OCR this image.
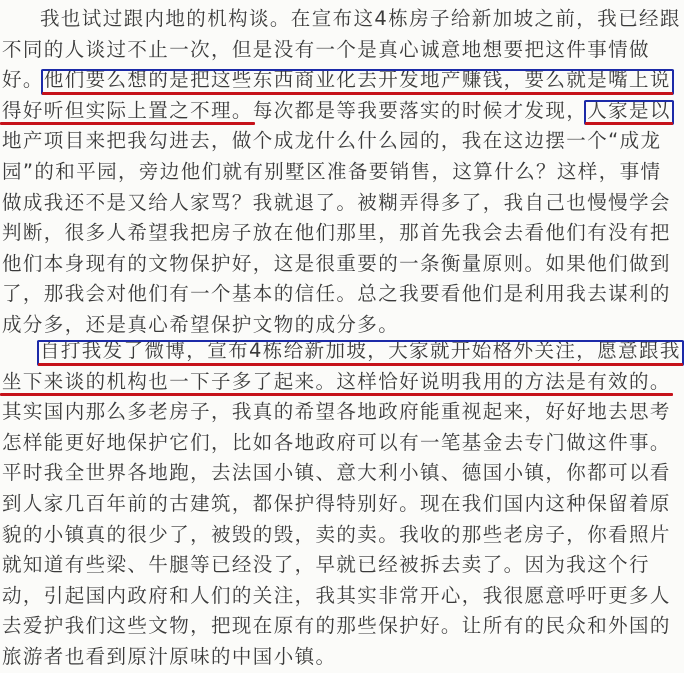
我也试过跟内地的机构谈。在宣布这4栋房子给新加坡之前，我已经跟
不同的人谈过不止一次，但是没有一个是真心诚意地想要把这件事情做
好。他们要么想的是把这些东西商业化去开发地产赚钱，要么就是嘴上说
得好听但实际上置之不理。每次都是等我要落实的时候才发现，人家是以
地产项目来把我勾进去，做个成龙什么什么园的，我在这边摆一个“成龙
园”的和平园，旁边他们就有别墅区准备要销售，这算什么？这样，事情
做成我还不是又给人家骂？我就退了。被糊弄得多了，我自己也慢慢学会
判断，很多人希望我把房子放在他们那里，那首先我会去看他们有没有把
他们本身现有的文物保护好，这是很重要的一条衡量原则。如果他们做到
了，那我会对他们有一个基本的信任。总之我要看他们是利用我去谋利的
成分多，还是真心希望保护文物的成分多。
自打我发了微博，宣布4栋给新加坡，大家就开始格外关注，愿意跟我
坐下来谈的机构也一下子多了起来。这样恰好说明我用的方法是有效的。
其实国内那么多老房子，我真的希望各地政府能重视起来，好好地去思考
怎样能更好地保护它们，比如各地政府可以有一笔基金去专门做这件事。
平时我全世界各地跑，去法国小镇、意大利小镇、德国小镇，你都可以看
到人家几百年前的古建筑，都保护得特别好。现在我们国内这种保留着原
貌的小镇真的很少了，被毁的毁，卖的卖。我收的那些老房子，你看照片
就知道有些梁、牛腿等已经没了，早就已经被拆去卖了。因为我这个行
动，引起国内政府和人们的关注，我其实非常开心，我很愿意呼吁更多人
去爱护我们这些文物，把现在原有的那些保护好。让所有的民众和外国的
旅游者也看到原汁原味的中国小镇。
